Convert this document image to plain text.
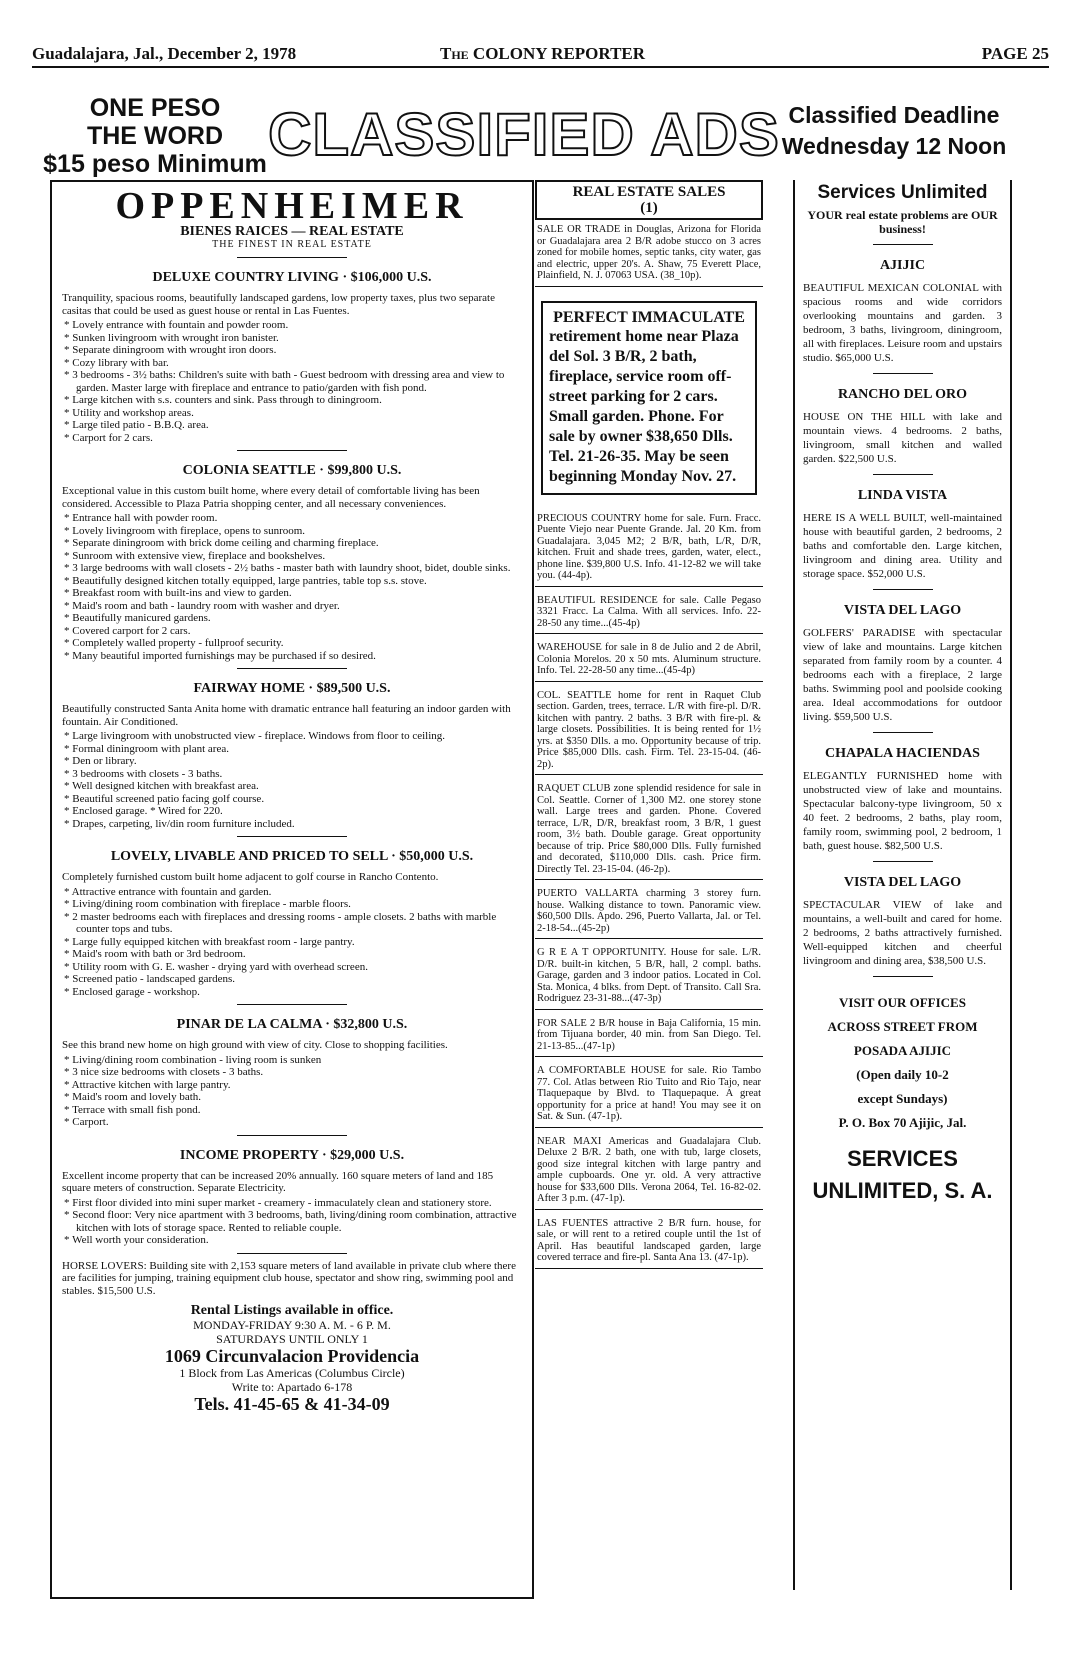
Guadalajara, Jal., December 2, 1978	The COLONY REPORTER	PAGE 25
ONE PESO
THE WORD
$15 peso Minimum CLASSIFIED ADS Classified Deadline
Wednesday 12 Noon
OPPENHEIMER
BIENES RAICES — REAL ESTATE
THE FINEST IN REAL ESTATE
DELUXE COUNTRY LIVING · $106,000 U.S.

Tranquility, spacious rooms, beautifully landscaped gardens, low property taxes, plus two separate casitas that could be used as guest house or rental in Las Fuentes.

* Lovely entrance with fountain and powder room.

* Sunken livingroom with wrought iron banister.

* Separate diningroom with wrought iron doors.

* Cozy library with bar.

* 3 bedrooms - 3½ baths: Children's suite with bath - Guest bedroom with dressing area and view to garden. Master large with fireplace and entrance to patio/garden with fish pond.

* Large kitchen with s.s. counters and sink. Pass through to diningroom.

* Utility and workshop areas.

* Large tiled patio - B.B.Q. area.

* Carport for 2 cars.

COLONIA SEATTLE · $99,800 U.S.

Exceptional value in this custom built home, where every detail of comfortable living has been considered. Accessible to Plaza Patria shopping center, and all necessary conveniences.

* Entrance hall with powder room.

* Lovely livingroom with fireplace, opens to sunroom.

* Separate diningroom with brick dome ceiling and charming fireplace.

* Sunroom with extensive view, fireplace and bookshelves.

* 3 large bedrooms with wall closets - 2½ baths - master bath with laundry shoot, bidet, double sinks.

* Beautifully designed kitchen totally equipped, large pantries, table top s.s. stove.

* Breakfast room with built-ins and view to garden.

* Maid's room and bath - laundry room with washer and dryer.

* Beautifully manicured gardens.

* Covered carport for 2 cars.

* Completely walled property - fullproof security.

* Many beautiful imported furnishings may be purchased if so desired.

FAIRWAY HOME · $89,500 U.S.

Beautifully constructed Santa Anita home with dramatic entrance hall featuring an indoor garden with fountain. Air Conditioned.

* Large livingroom with unobstructed view - fireplace. Windows from floor to ceiling.

* Formal diningroom with plant area.

* Den or library.

* 3 bedrooms with closets - 3 baths.

* Well designed kitchen with breakfast area.

* Beautiful screened patio facing golf course.

* Enclosed garage. * Wired for 220.

* Drapes, carpeting, liv/din room furniture included.

LOVELY, LIVABLE AND PRICED TO SELL · $50,000 U.S.

Completely furnished custom built home adjacent to golf course in Rancho Contento.

* Attractive entrance with fountain and garden.

* Living/dining room combination with fireplace - marble floors.

* 2 master bedrooms each with fireplaces and dressing rooms - ample closets. 2 baths with marble counter tops and tubs.

* Large fully equipped kitchen with breakfast room - large pantry.

* Maid's room with bath or 3rd bedroom.

* Utility room with G. E. washer - drying yard with overhead screen.

* Screened patio - landscaped gardens.

* Enclosed garage - workshop.

PINAR DE LA CALMA · $32,800 U.S.

See this brand new home on high ground with view of city. Close to shopping facilities.

* Living/dining room combination - living room is sunken

* 3 nice size bedrooms with closets - 3 baths.

* Attractive kitchen with large pantry.

* Maid's room and lovely bath.

* Terrace with small fish pond.

* Carport.

INCOME PROPERTY · $29,000 U.S.

Excellent income property that can be increased 20% annually. 160 square meters of land and 185 square meters of construction. Separate Electricity.

* First floor divided into mini super market - creamery - immaculately clean and stationery store.

* Second floor: Very nice apartment with 3 bedrooms, bath, living/dining room combination, attractive kitchen with lots of storage space. Rented to reliable couple.

* Well worth your consideration.

HORSE LOVERS: Building site with 2,153 square meters of land available in private club where there are facilities for jumping, training equipment club house, spectator and show ring, swimming pool and stables. $15,500 U.S.

Rental Listings available in office.
MONDAY-FRIDAY 9:30 A. M. - 6 P. M.
SATURDAYS UNTIL ONLY 1
1069 Circunvalacion Providencia
1 Block from Las Americas (Columbus Circle)
Write to: Apartado 6-178
Tels. 41-45-65 & 41-34-09
REAL ESTATE SALES
(1)
SALE OR TRADE in Douglas, Arizona for Florida or Guadalajara area 2 B/R adobe stucco on 3 acres zoned for mobile homes, septic tanks, city water, gas and electric, upper 20's. A. Shaw, 75 Everett Place, Plainfield, N. J. 07063 USA. (38_10p).
PERFECT IMMACULATE
retirement home near Plaza del Sol. 3 B/R, 2 bath, fireplace, service room off-street parking for 2 cars. Small garden. Phone. For sale by owner $38,650 Dlls. Tel. 21-26-35. May be seen beginning Monday Nov. 27.
PRECIOUS COUNTRY home for sale. Furn. Fracc. Puente Viejo near Puente Grande. Jal. 20 Km. from Guadalajara. 3,045 M2; 2 B/R, bath, L/R, D/R, kitchen. Fruit and shade trees, garden, water, elect., phone line. $39,800 U.S. Info. 41-12-82 we will take you. (44-4p).
BEAUTIFUL RESIDENCE for sale. Calle Pegaso 3321 Fracc. La Calma. With all services. Info. 22-28-50 any time...(45-4p)
WAREHOUSE for sale in 8 de Julio and 2 de Abril, Colonia Morelos. 20 x 50 mts. Aluminum structure. Info. Tel. 22-28-50 any time...(45-4p)
COL. SEATTLE home for rent in Raquet Club section. Garden, trees, terrace. L/R with fire-pl. D/R. kitchen with pantry. 2 baths. 3 B/R with fire-pl. & large closets. Possibilities. It is being rented for 1½ yrs. at $350 Dlls. a mo. Opportunity because of trip. Price $85,000 Dlls. cash. Firm. Tel. 23-15-04. (46-2p).
RAQUET CLUB zone splendid residence for sale in Col. Seattle. Corner of 1,300 M2. one storey stone wall. Large trees and garden. Phone. Covered terrace, L/R, D/R, breakfast room, 3 B/R, 1 guest room, 3½ bath. Double garage. Great opportunity because of trip. Price $80,000 Dlls. Fully furnished and decorated, $110,000 Dlls. cash. Price firm. Directly Tel. 23-15-04. (46-2p).
PUERTO VALLARTA charming 3 storey furn. house. Walking distance to town. Panoramic view. $60,500 Dlls. Apdo. 296, Puerto Vallarta, Jal. or Tel. 2-18-54...(45-2p)
G R E A T OPPORTUNITY. House for sale. L/R. D/R. built-in kitchen, 5 B/R, hall, 2 compl. baths. Garage, garden and 3 indoor patios. Located in Col. Sta. Monica, 4 blks. from Dept. of Transito. Call Sra. Rodriguez 23-31-88...(47-3p)
FOR SALE 2 B/R house in Baja California, 15 min. from Tijuana border, 40 min. from San Diego. Tel. 21-13-85...(47-1p)
A COMFORTABLE HOUSE for sale. Rio Tambo 77. Col. Atlas between Rio Tuito and Rio Tajo, near Tlaquepaque by Blvd. to Tlaquepaque. A great opportunity for a price at hand! You may see it on Sat. & Sun. (47-1p).
NEAR MAXI Americas and Guadalajara Club. Deluxe 2 B/R. 2 bath, one with tub, large closets, good size integral kitchen with large pantry and ample cupboards. One yr. old. A very attractive house for $33,600 Dlls. Verona 2064, Tel. 16-82-02. After 3 p.m. (47-1p).
LAS FUENTES attractive 2 B/R furn. house, for sale, or will rent to a retired couple until the 1st of April. Has beautiful landscaped garden, large covered terrace and fire-pl. Santa Ana 13. (47-1p).
Services Unlimited
YOUR real estate problems are OUR business!
AJIJIC
BEAUTIFUL MEXICAN COLONIAL with spacious rooms and wide corridors overlooking mountains and garden. 3 bedroom, 3 baths, livingroom, diningroom, all with fireplaces. Leisure room and upstairs studio. $65,000 U.S.
RANCHO DEL ORO
HOUSE ON THE HILL with lake and mountain views. 4 bedrooms. 2 baths, livingroom, small kitchen and walled garden. $22,500 U.S.
LINDA VISTA
HERE IS A WELL BUILT, well-maintained house with beautiful garden, 2 bedrooms, 2 baths and comfortable den. Large kitchen, livingroom and dining area. Utility and storage space. $52,000 U.S.
VISTA DEL LAGO
GOLFERS' PARADISE with spectacular view of lake and mountains. Large kitchen separated from family room by a counter. 4 bedrooms each with a fireplace, 2 large baths. Swimming pool and poolside cooking area. Ideal accommodations for outdoor living. $59,500 U.S.
CHAPALA HACIENDAS
ELEGANTLY FURNISHED home with unobstructed view of lake and mountains. Spectacular balcony-type livingroom, 50 x 40 feet. 2 bedrooms, 2 baths, play room, family room, swimming pool, 2 bedroom, 1 bath, guest house. $82,500 U.S.
VISTA DEL LAGO
SPECTACULAR VIEW of lake and mountains, a well-built and cared for home. 2 bedrooms, 2 baths attractively furnished. Well-equipped kitchen and cheerful livingroom and dining area, $38,500 U.S.
VISIT OUR OFFICES
ACROSS STREET FROM
POSADA AJIJIC
(Open daily 10-2
except Sundays)
P. O. Box 70 Ajijic, Jal.
SERVICES
UNLIMITED, S. A.
